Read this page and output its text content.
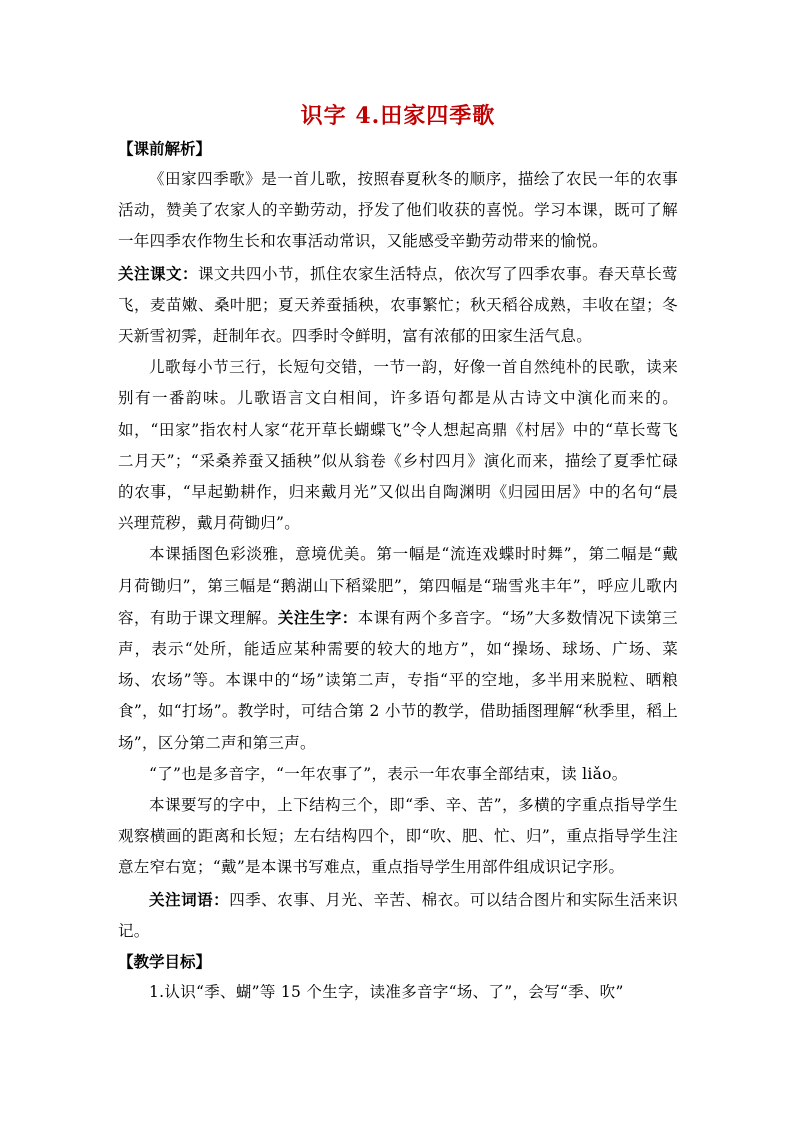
识字 4.田家四季歌
【课前解析】

《田家四季歌》是一首儿歌，按照春夏秋冬的顺序，描绘了农民一年的农事活动，赞美了农家人的辛勤劳动，抒发了他们收获的喜悦。学习本课，既可了解一年四季农作物生长和农事活动常识，又能感受辛勤劳动带来的愉悦。

关注课文：课文共四小节，抓住农家生活特点，依次写了四季农事。春天草长莺飞，麦苗嫩、桑叶肥；夏天养蚕插秧，农事繁忙；秋天稻谷成熟，丰收在望；冬天新雪初霁，赶制年衣。四季时令鲜明，富有浓郁的田家生活气息。

儿歌每小节三行，长短句交错，一节一韵，好像一首自然纯朴的民歌，读来别有一番韵味。儿歌语言文白相间，许多语句都是从古诗文中演化而来的。如，“田家”指农村人家“花开草长蝴蝶飞”令人想起高鼎《村居》中的“草长莺飞二月天”；“采桑养蚕又插秧”似从翁卷《乡村四月》演化而来，描绘了夏季忙碌的农事，“早起勤耕作，归来戴月光”又似出自陶渊明《归园田居》中的名句“晨兴理荒秽，戴月荷锄归”。

本课插图色彩淡雅，意境优美。第一幅是“流连戏蝶时时舞”，第二幅是“戴月荷锄归”，第三幅是“鹅湖山下稻粱肥”，第四幅是“瑞雪兆丰年”，呼应儿歌内容，有助于课文理解。关注生字：本课有两个多音字。“场”大多数情况下读第三声，表示“处所，能适应某种需要的较大的地方”，如“操场、球场、广场、菜场、农场”等。本课中的“场”读第二声，专指“平的空地，多半用来脱粒、晒粮食”，如“打场”。教学时，可结合第 2 小节的教学，借助插图理解“秋季里，稻上场”，区分第二声和第三声。

“了”也是多音字，“一年农事了”，表示一年农事全部结束，读 liǎo。

本课要写的字中，上下结构三个，即“季、辛、苦”，多横的字重点指导学生观察横画的距离和长短；左右结构四个，即“吹、肥、忙、归”，重点指导学生注意左窄右宽；“戴”是本课书写难点，重点指导学生用部件组成识记字形。

关注词语：四季、农事、月光、辛苦、棉衣。可以结合图片和实际生活来识记。

【教学目标】

1.认识“季、蝴”等 15 个生字，读准多音字“场、了”，会写“季、吹”
